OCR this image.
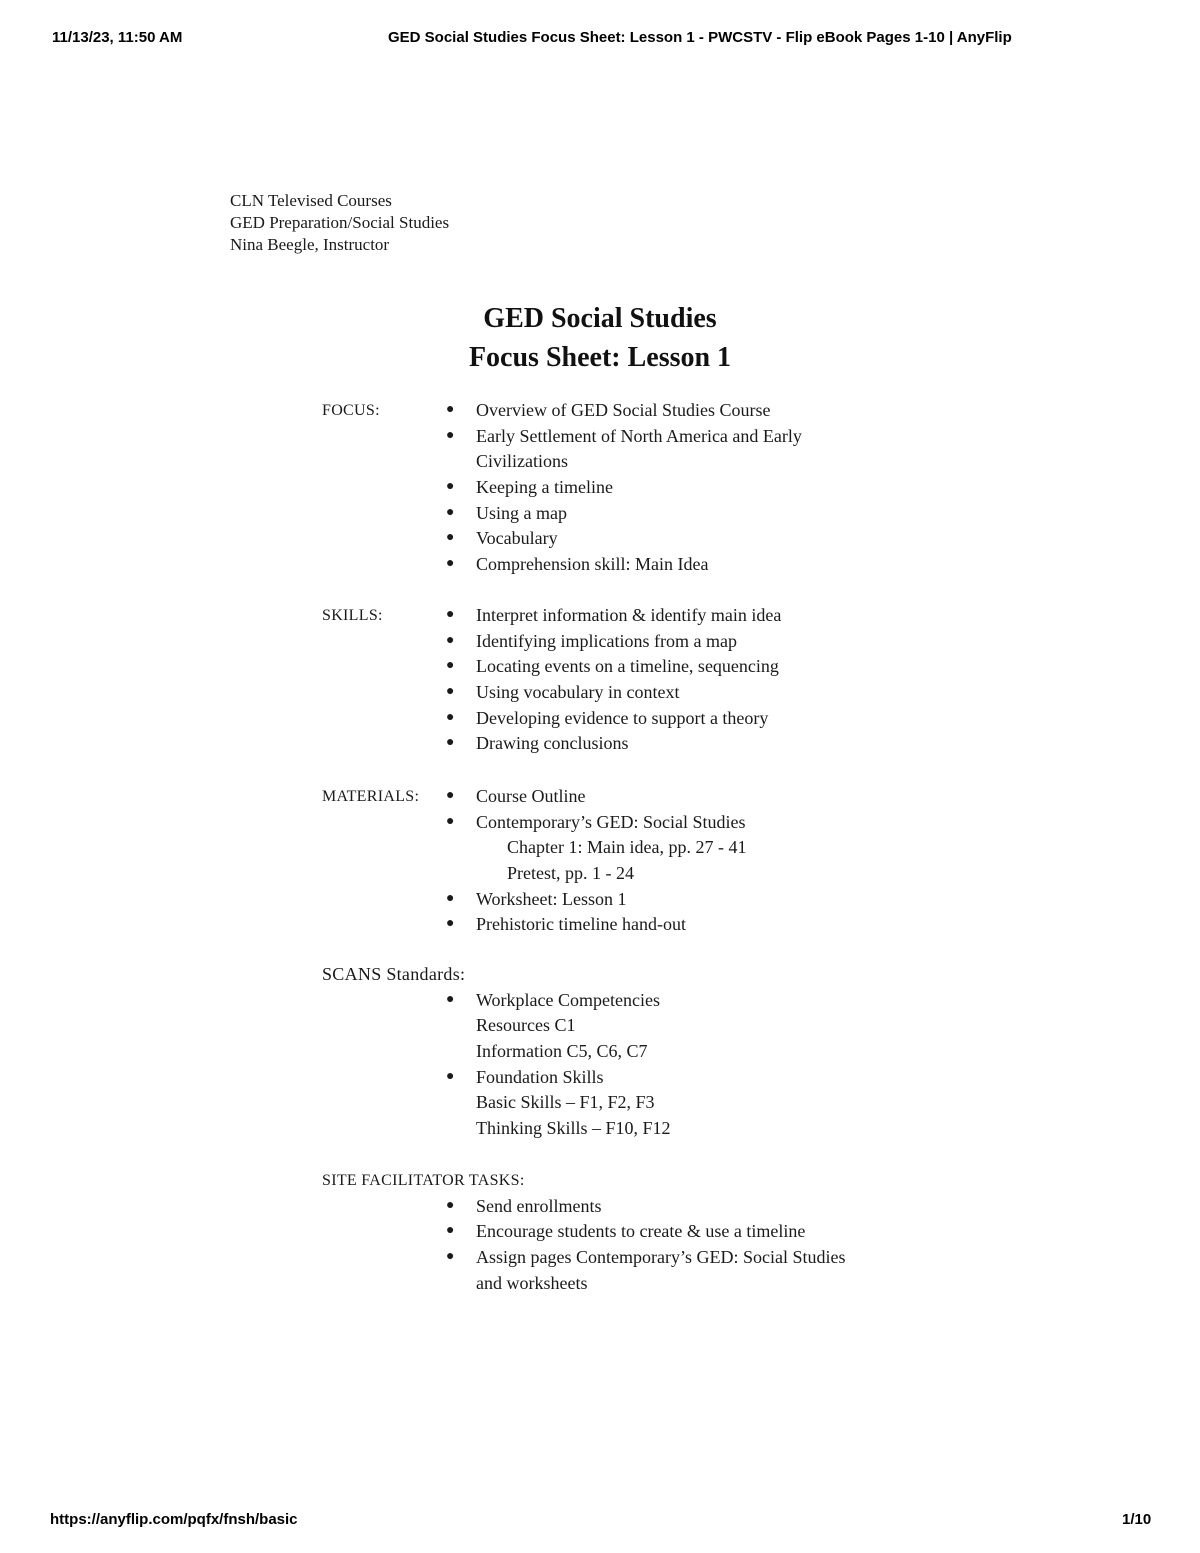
11/13/23, 11:50 AM	GED Social Studies Focus Sheet: Lesson 1 - PWCSTV - Flip eBook Pages 1-10 | AnyFlip
CLN Televised Courses
GED Preparation/Social Studies
Nina Beegle, Instructor
GED Social Studies
Focus Sheet: Lesson 1
FOCUS:	● Overview of GED Social Studies Course
● Early Settlement of North America and Early
Civilizations
● Keeping a timeline
● Using a map
● Vocabulary
● Comprehension skill: Main Idea
SKILLS:	● Interpret information & identify main idea
● Identifying implications from a map
● Locating events on a timeline, sequencing
● Using vocabulary in context
● Developing evidence to support a theory
● Drawing conclusions
MATERIALS: ● Course Outline
● Contemporary’s GED: Social Studies
Chapter 1: Main idea, pp. 27 - 41
Pretest, pp. 1 - 24
● Worksheet: Lesson 1
● Prehistoric timeline hand-out
SCANS Standards:
● Workplace Competencies
Resources C1
Information C5, C6, C7
● Foundation Skills
Basic Skills – F1, F2, F3
Thinking Skills – F10, F12
SITE FACILITATOR TASKS:
● Send enrollments
● Encourage students to create & use a timeline
● Assign pages Contemporary’s GED: Social Studies
and worksheets
https://anyflip.com/pqfx/fnsh/basic	1/10
